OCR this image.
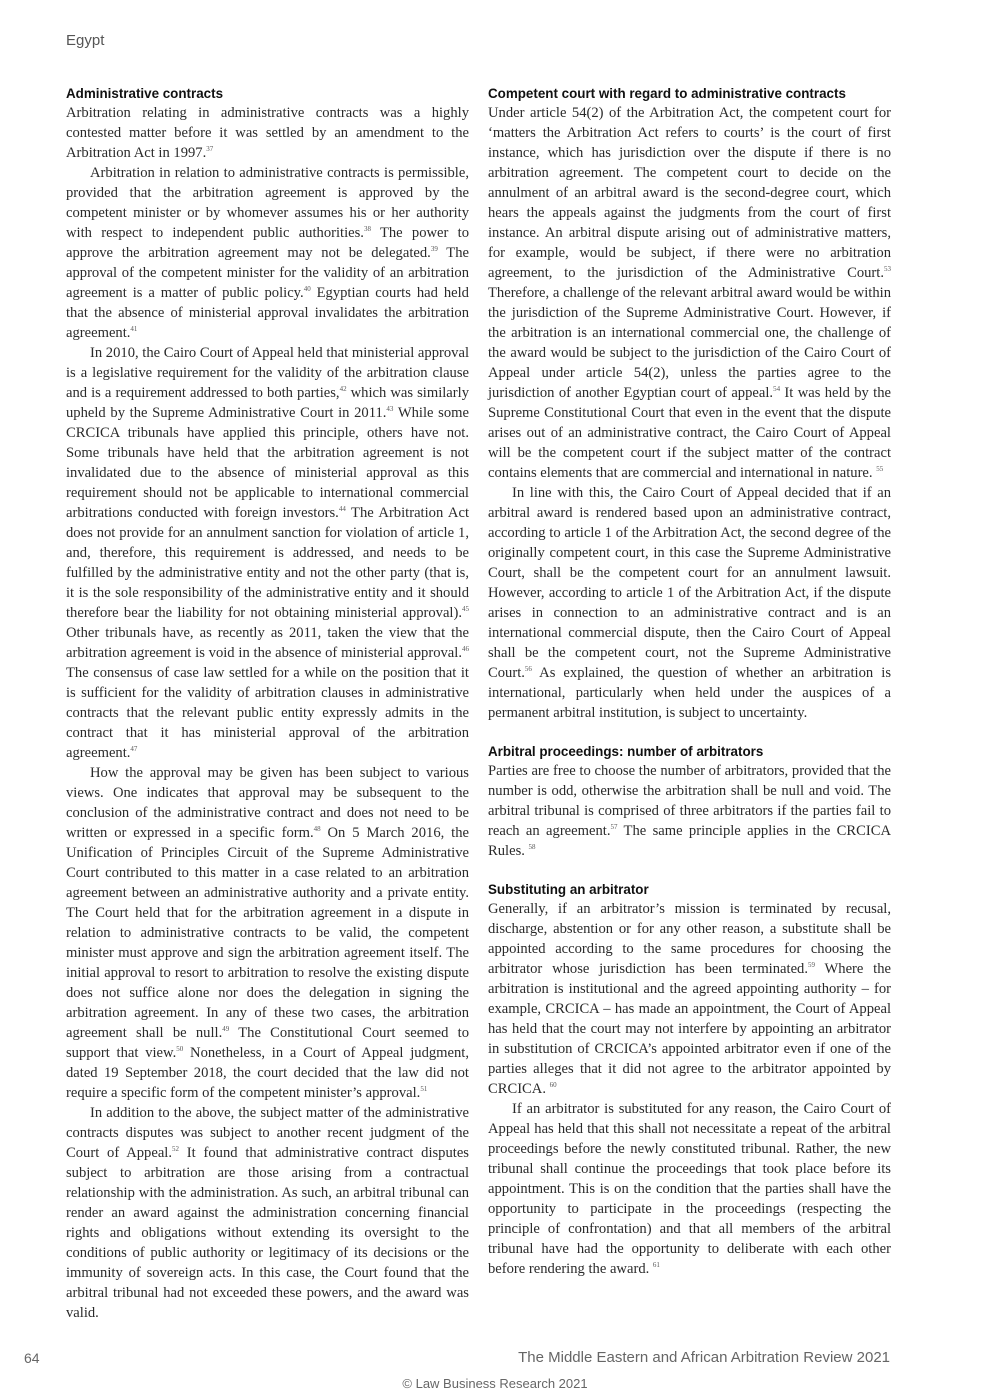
Egypt
Administrative contracts

Arbitration relating in administrative contracts was a highly contested matter before it was settled by an amendment to the Arbitration Act in 1997.37

Arbitration in relation to administrative contracts is permissible, provided that the arbitration agreement is approved by the competent minister or by whomever assumes his or her authority with respect to independent public authorities.$^{38}$ The power to approve the arbitration agreement may not be delegated.$^{39}$ The approval of the competent minister for the validity of an arbitration agreement is a matter of public policy.$^{40}$ Egyptian courts had held that the absence of ministerial approval invalidates the arbitration agreement.$^{41}$

In 2010, the Cairo Court of Appeal held that ministerial approval is a legislative requirement for the validity of the arbitration clause and is a requirement addressed to both parties,$^{42}$ which was similarly upheld by the Supreme Administrative Court in 2011.43 While some CRCICA tribunals have applied this principle, others have not. Some tribunals have held that the arbitration agreement is not invalidated due to the absence of ministerial approval as this requirement should not be applicable to international commercial arbitrations conducted with foreign investors.$^{44}$ The Arbitration Act does not provide for an annulment sanction for violation of article 1, and, therefore, this requirement is addressed, and needs to be fulfilled by the administrative entity and not the other party (that is, it is the sole responsibility of the administrative entity and it should therefore bear the liability for not obtaining ministerial approval).$^{45}$ Other tribunals have, as recently as 2011, taken the view that the arbitration agreement is void in the absence of ministerial approval.$^{46}$ The consensus of case law settled for a while on the position that it is sufficient for the validity of arbitration clauses in administrative contracts that the relevant public entity expressly admits in the contract that it has ministerial approval of the arbitration agreement.$^{47}$

How the approval may be given has been subject to various views. One indicates that approval may be subsequent to the conclusion of the administrative contract and does not need to be written or expressed in a specific form.$^{48}$ On 5 March 2016, the Unification of Principles Circuit of the Supreme Administrative Court contributed to this matter in a case related to an arbitration agreement between an administrative authority and a private entity. The Court held that for the arbitration agreement in a dispute in relation to administrative contracts to be valid, the competent minister must approve and sign the arbitration agreement itself. The initial approval to resort to arbitration to resolve the existing dispute does not suffice alone nor does the delegation in signing the arbitration agreement. In any of these two cases, the arbitration agreement shall be null.$^{49}$ The Constitutional Court seemed to support that view.$^{50}$ Nonetheless, in a Court of Appeal judgment, dated 19 September 2018, the court decided that the law did not require a specific form of the competent minister’s approval.$^{51}$

In addition to the above, the subject matter of the administrative contracts disputes was subject to another recent judgment of the Court of Appeal.$^{52}$ It found that administrative contract disputes subject to arbitration are those arising from a contractual relationship with the administration. As such, an arbitral tribunal can render an award against the administration concerning financial rights and obligations without extending its oversight to the conditions of public authority or legitimacy of its decisions or the immunity of sovereign acts. In this case, the Court found that the arbitral tribunal had not exceeded these powers, and the award was valid.

Competent court with regard to administrative contracts

Under article 54(2) of the Arbitration Act, the competent court for ‘matters the Arbitration Act refers to courts’ is the court of first instance, which has jurisdiction over the dispute if there is no arbitration agreement. The competent court to decide on the annulment of an arbitral award is the second-degree court, which hears the appeals against the judgments from the court of first instance. An arbitral dispute arising out of administrative matters, for example, would be subject, if there were no arbitration agreement, to the jurisdiction of the Administrative Court.$^{53}$ Therefore, a challenge of the relevant arbitral award would be within the jurisdiction of the Supreme Administrative Court. However, if the arbitration is an international commercial one, the challenge of the award would be subject to the jurisdiction of the Cairo Court of Appeal under article 54(2), unless the parties agree to the jurisdiction of another Egyptian court of appeal.$^{54}$ It was held by the Supreme Constitutional Court that even in the event that the dispute arises out of an administrative contract, the Cairo Court of Appeal will be the competent court if the subject matter of the contract contains elements that are commercial and international in nature. $^{55}$

In line with this, the Cairo Court of Appeal decided that if an arbitral award is rendered based upon an administrative contract, according to article 1 of the Arbitration Act, the second degree of the originally competent court, in this case the Supreme Administrative Court, shall be the competent court for an annulment lawsuit. However, according to article 1 of the Arbitration Act, if the dispute arises in connection to an administrative contract and is an international commercial dispute, then the Cairo Court of Appeal shall be the competent court, not the Supreme Administrative Court.$^{56}$ As explained, the question of whether an arbitration is international, particularly when held under the auspices of a permanent arbitral institution, is subject to uncertainty.

Arbitral proceedings: number of arbitrators

Parties are free to choose the number of arbitrators, provided that the number is odd, otherwise the arbitration shall be null and void. The arbitral tribunal is comprised of three arbitrators if the parties fail to reach an agreement.$^{57}$ The same principle applies in the CRCICA Rules. $^{58}$

Substituting an arbitrator

Generally, if an arbitrator’s mission is terminated by recusal, discharge, abstention or for any other reason, a substitute shall be appointed according to the same procedures for choosing the arbitrator whose jurisdiction has been terminated.$^{59}$ Where the arbitration is institutional and the agreed appointing authority – for example, CRCICA – has made an appointment, the Court of Appeal has held that the court may not interfere by appointing an arbitrator in substitution of CRCICA’s appointed arbitrator even if one of the parties alleges that it did not agree to the arbitrator appointed by CRCICA. $^{60}$

If an arbitrator is substituted for any reason, the Cairo Court of Appeal has held that this shall not necessitate a repeat of the arbitral proceedings before the newly constituted tribunal. Rather, the new tribunal shall continue the proceedings that took place before its appointment. This is on the condition that the parties shall have the opportunity to participate in the proceedings (respecting the principle of confrontation) and that all members of the arbitral tribunal have had the opportunity to deliberate with each other before rendering the award. $^{61}$

64	The Middle Eastern and African Arbitration Review 2021
© Law Business Research 2021
